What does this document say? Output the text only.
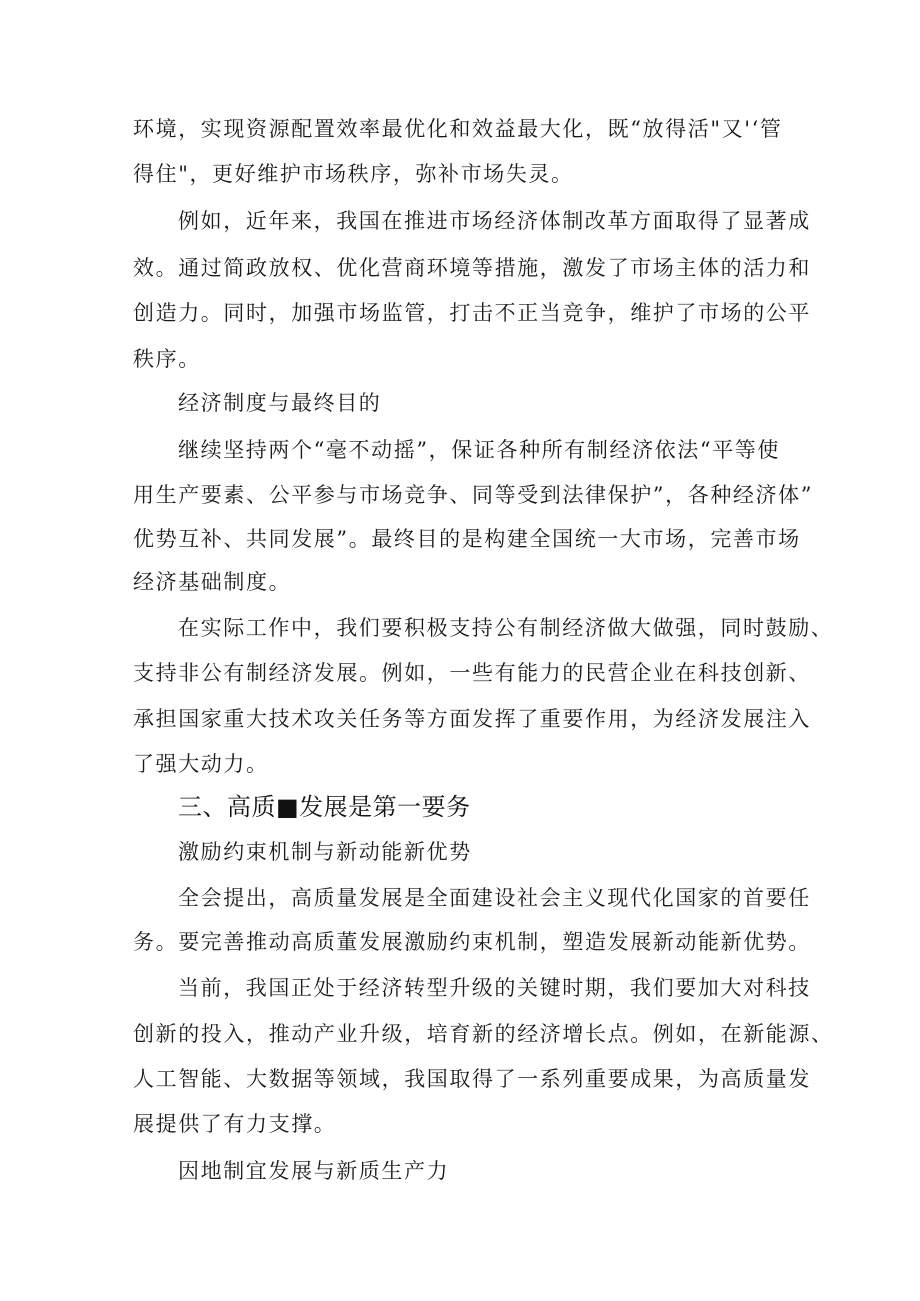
环境，实现资源配置效率最优化和效益最大化，既“放得活"又'‘管
得住"，更好维护市场秩序，弥补市场失灵。
例如，近年来，我国在推进市场经济体制改革方面取得了显著成
效。通过简政放权、优化营商环境等措施，激发了市场主体的活力和
创造力。同时，加强市场监管，打击不正当竞争，维护了市场的公平
秩序。
经济制度与最终目的
继续坚持两个“毫不动摇”，保证各种所有制经济依法“平等使
用生产要素、公平参与市场竞争、同等受到法律保护”，各种经济体”
优势互补、共同发展”。最终目的是构建全国统一大市场，完善市场
经济基础制度。
在实际工作中，我们要积极支持公有制经济做大做强，同时鼓励、
支持非公有制经济发展。例如，一些有能力的民营企业在科技创新、
承担国家重大技术攻关任务等方面发挥了重要作用，为经济发展注入
了强大动力。
三、高质■发展是第一要务
激励约束机制与新动能新优势
全会提出，高质量发展是全面建设社会主义现代化国家的首要任
务。要完善推动高质董发展激励约束机制，塑造发展新动能新优势。
当前，我国正处于经济转型升级的关键时期，我们要加大对科技
创新的投入，推动产业升级，培育新的经济增长点。例如，在新能源、
人工智能、大数据等领域，我国取得了一系列重要成果，为高质量发
展提供了有力支撑。
因地制宜发展与新质生产力
